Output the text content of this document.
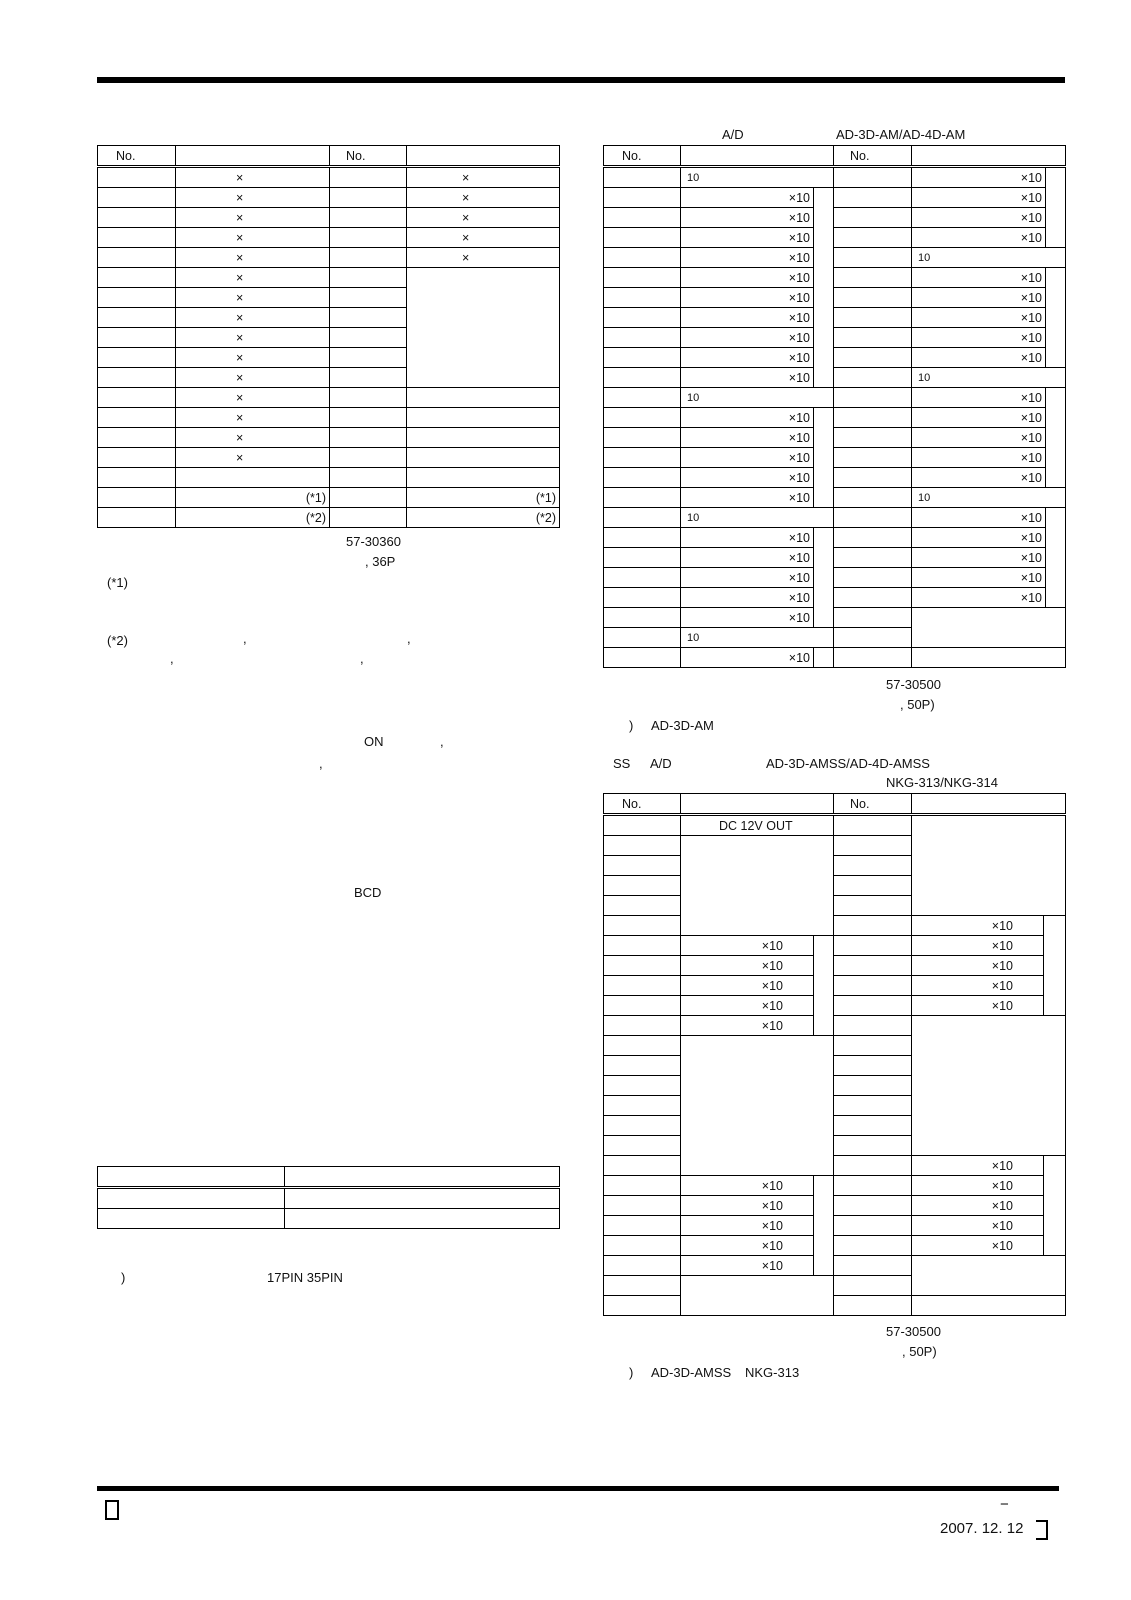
No.		No.	
	×		×
	×		×
	×		×
	×		×
	×		×
	×		
	×		
	×		
	×		
	×		
	×		
	×		
	×		
	×		
	×		

	(*1)		(*1)
	(*2)		(*2)
57-30360
, 36P
(*1)
(*2)	,	,
,	,
ON	,
,
BCD

)	17PIN 35PIN
A/D	AD-3D-AM/AD-4D-AM
No.			No.		
	10			×10	
	×10			×10	
	×10			×10	
	×10			×10	
	×10			10	
	×10			×10	
	×10			×10	
	×10			×10	
	×10			×10	
	×10			×10	
	×10			10	
	10			×10	
	×10			×10	
	×10			×10	
	×10			×10	
	×10			×10	
	×10			10	
	10			×10	
	×10			×10	
	×10			×10	
	×10			×10	
	×10			×10	
	×10				
	10				
	×10				
57-30500
, 50P)
) AD-3D-AM
SS A/D	AD-3D-AMSS/AD-4D-AMSS
NKG-313/NKG-314
No.			No.		
	DC 12V OUT				

				×10	
	×10			×10	
	×10			×10	
	×10			×10	
	×10			×10	
	×10				

				×10	
	×10			×10	
	×10			×10	
	×10			×10	
	×10			×10	
	×10				

57-30500
, 50P)
) AD-3D-AMSS NKG-313
−
2007. 12. 12
